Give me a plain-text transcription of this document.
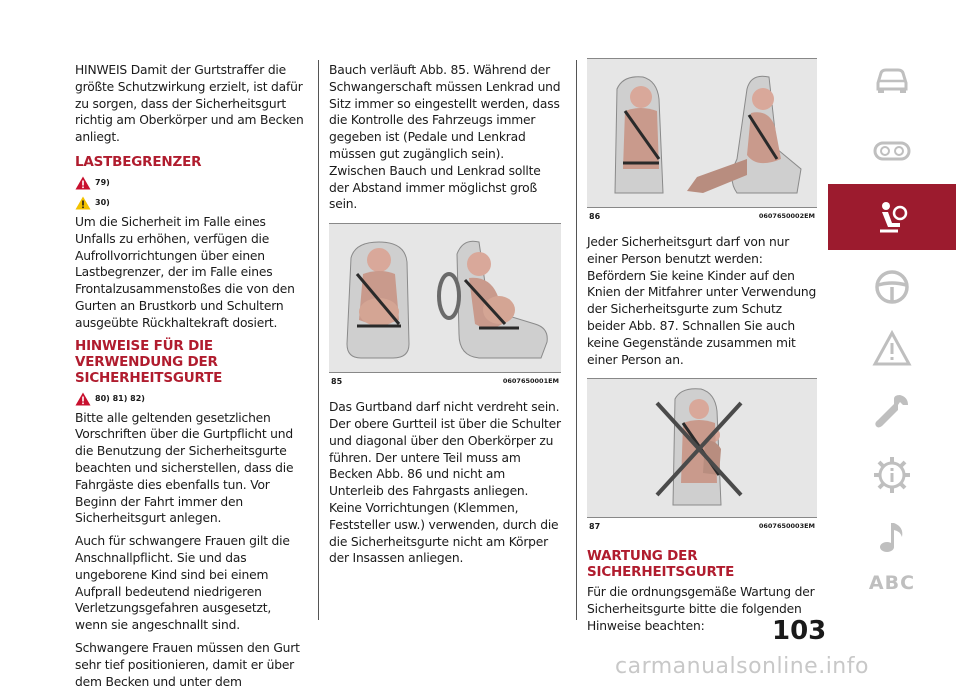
HINWEIS Damit der Gurtstraffer die größte Schutzwirkung erzielt, ist dafür zu sorgen, dass der Sicherheitsgurt richtig am Oberkörper und am Becken anliegt.

LASTBEGRENZER
79)
30)

Um die Sicherheit im Falle eines Unfalls zu erhöhen, verfügen die Aufrollvorrichtungen über einen Lastbegrenzer, der im Falle eines Frontalzusammenstoßes die von den Gurten an Brustkorb und Schultern ausgeübte Rückhaltekraft dosiert.

HINWEISE FÜR DIE VERWENDUNG DER SICHERHEITSGURTE
80) 81) 82)

Bitte alle geltenden gesetzlichen Vorschriften über die Gurtpflicht und die Benutzung der Sicherheitsgurte beachten und sicherstellen, dass die Fahrgäste dies ebenfalls tun. Vor Beginn der Fahrt immer den Sicherheitsgurt anlegen.

Auch für schwangere Frauen gilt die Anschnallpflicht. Sie und das ungeborene Kind sind bei einem Aufprall bedeutend niedrigeren Verletzungsgefahren ausgesetzt, wenn sie angeschnallt sind.

Schwangere Frauen müssen den Gurt sehr tief positionieren, damit er über dem Becken und unter dem

Bauch verläuft Abb. 85. Während der Schwangerschaft müssen Lenkrad und Sitz immer so eingestellt werden, dass die Kontrolle des Fahrzeugs immer gegeben ist (Pedale und Lenkrad müssen gut zugänglich sein). Zwischen Bauch und Lenkrad sollte der Abstand immer möglichst groß sein.

85	0607650001EM

Das Gurtband darf nicht verdreht sein. Der obere Gurtteil ist über die Schulter und diagonal über den Oberkörper zu führen. Der untere Teil muss am Becken Abb. 86 und nicht am Unterleib des Fahrgasts anliegen. Keine Vorrichtungen (Klemmen, Feststeller usw.) verwenden, durch die die Sicherheitsgurte nicht am Körper der Insassen anliegen.

86	0607650002EM

Jeder Sicherheitsgurt darf von nur einer Person benutzt werden: Befördern Sie keine Kinder auf den Knien der Mitfahrer unter Verwendung der Sicherheitsgurte zum Schutz beider Abb. 87. Schnallen Sie auch keine Gegenstände zusammen mit einer Person an.

87	0607650003EM
WARTUNG DER SICHERHEITSGURTE

Für die ordnungsgemäße Wartung der Sicherheitsgurte bitte die folgenden Hinweise beachten:

ABC
103
carmanualsonline.info
